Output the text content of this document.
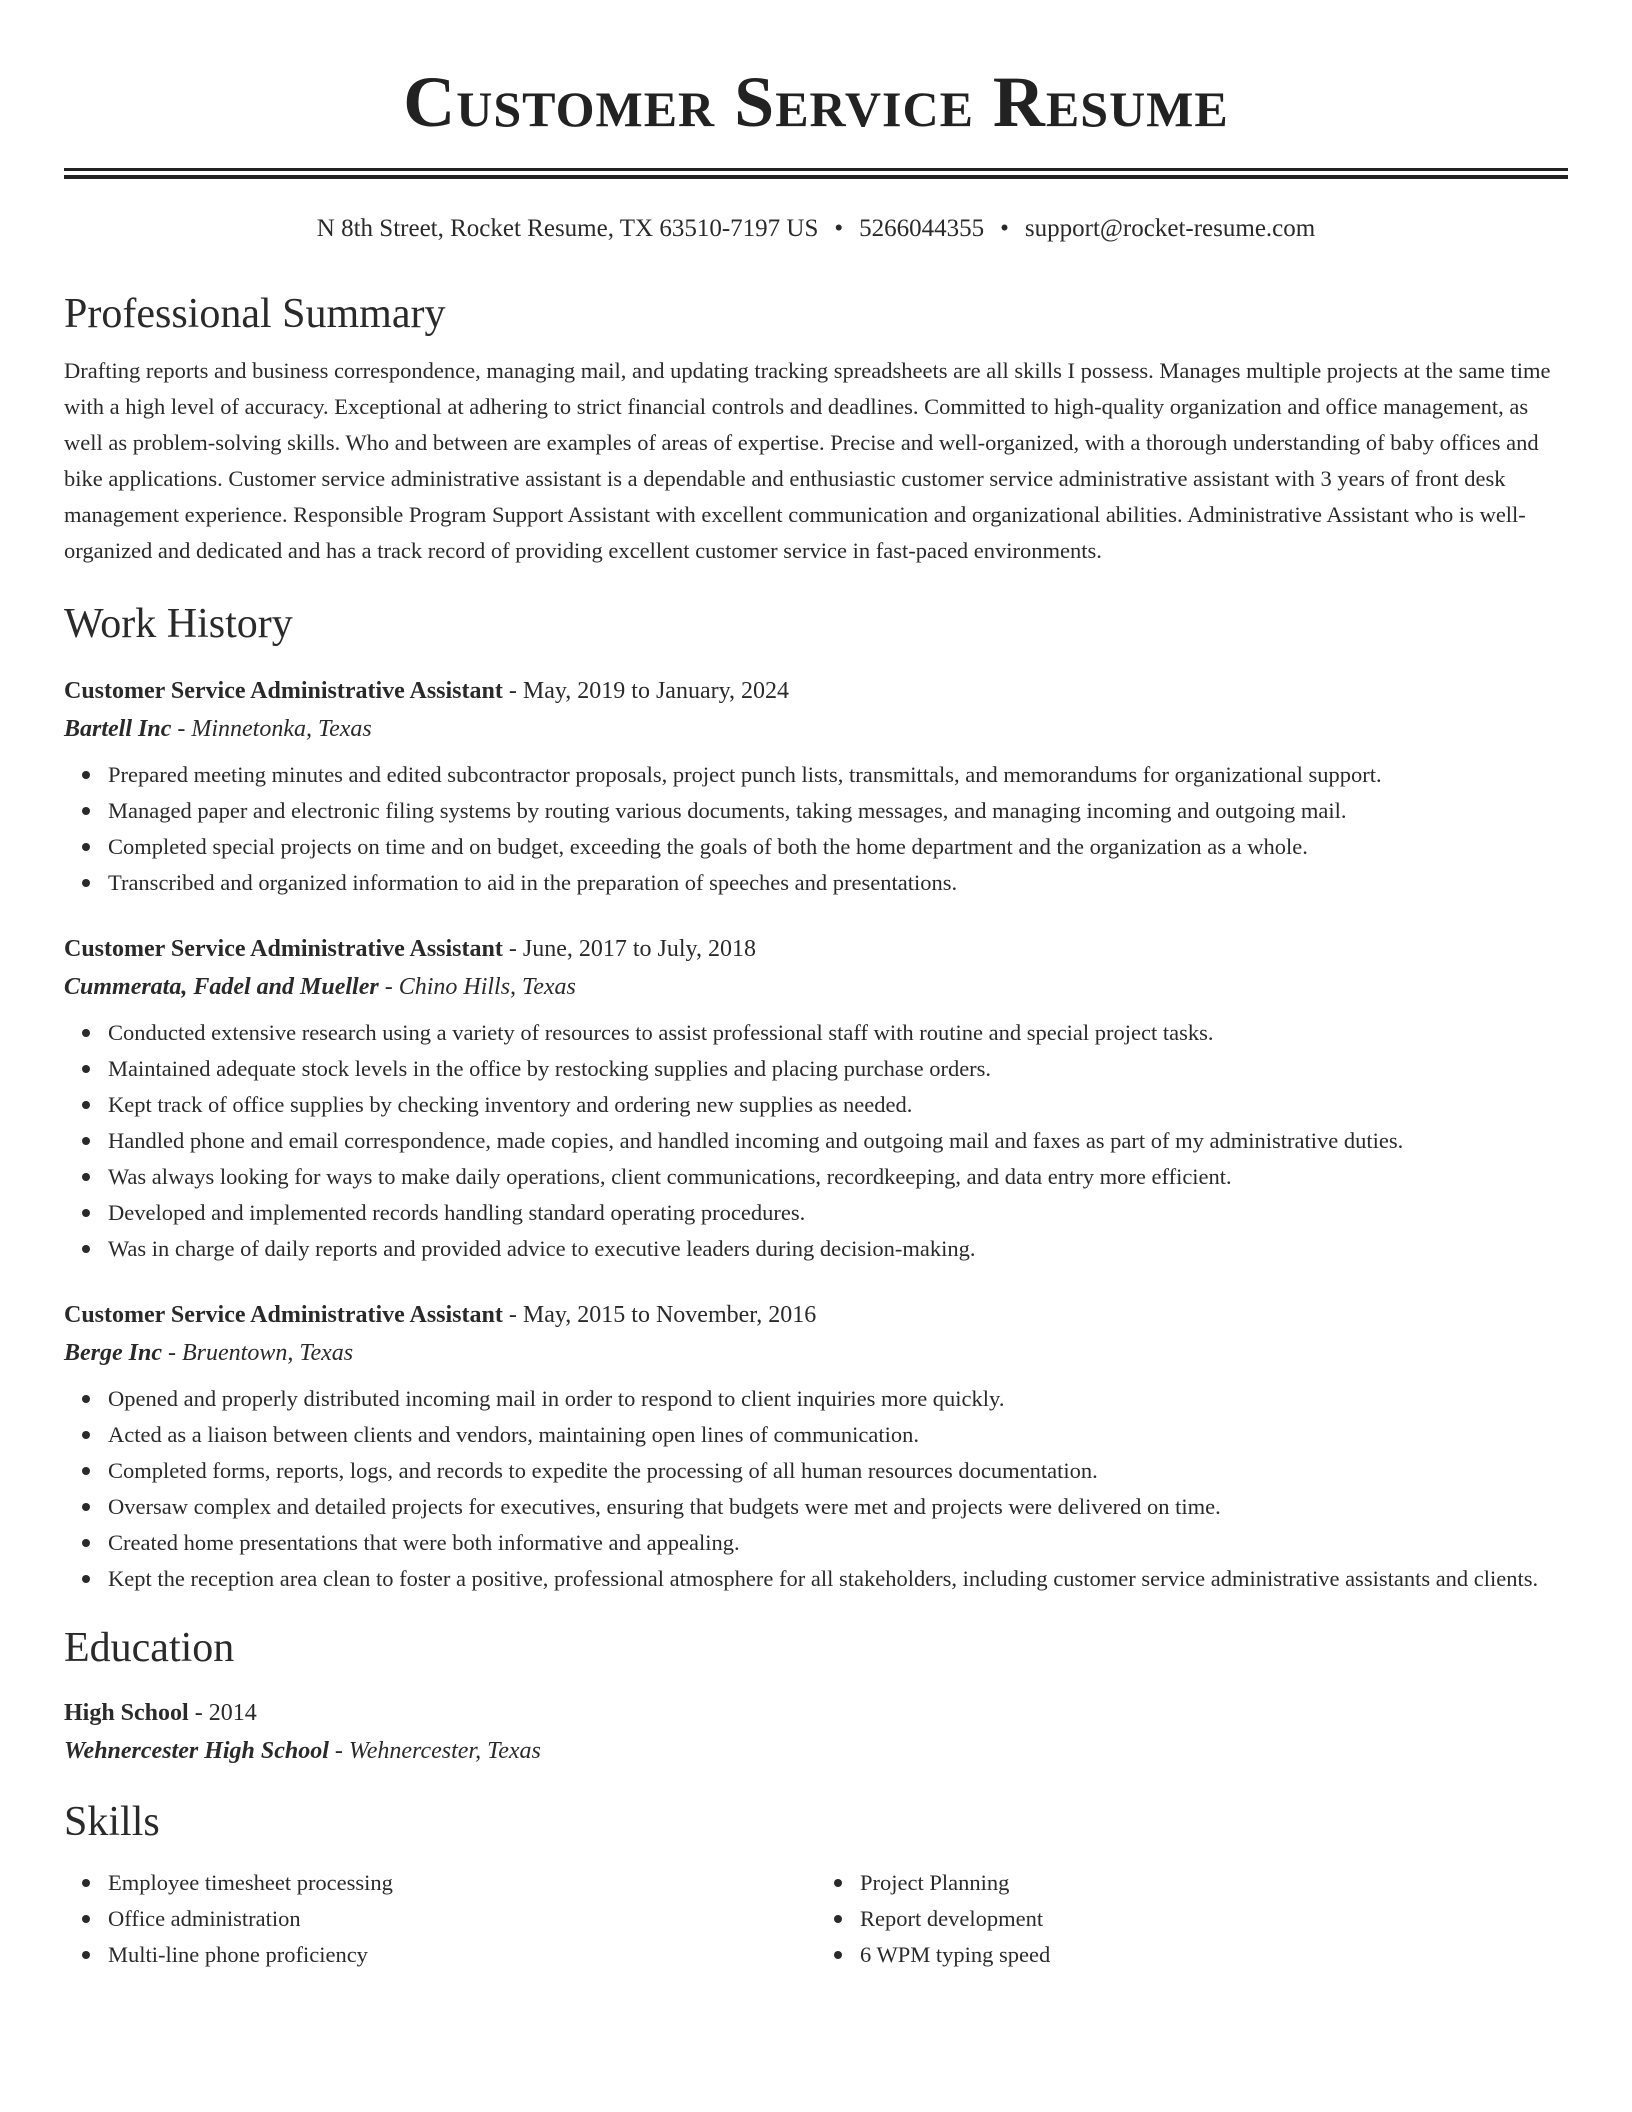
Customer Service Resume
N 8th Street, Rocket Resume, TX 63510-7197 US • 5266044355 • support@rocket-resume.com
Professional Summary

Drafting reports and business correspondence, managing mail, and updating tracking spreadsheets are all skills I possess. Manages multiple projects at the same time with a high level of accuracy. Exceptional at adhering to strict financial controls and deadlines. Committed to high-quality organization and office management, as well as problem-solving skills. Who and between are examples of areas of expertise. Precise and well-organized, with a thorough understanding of baby offices and bike applications. Customer service administrative assistant is a dependable and enthusiastic customer service administrative assistant with 3 years of front desk management experience. Responsible Program Support Assistant with excellent communication and organizational abilities. Administrative Assistant who is well-organized and dedicated and has a track record of providing excellent customer service in fast-paced environments.

Work History
Customer Service Administrative Assistant - May, 2019 to January, 2024
Bartell Inc - Minnetonka, Texas
Prepared meeting minutes and edited subcontractor proposals, project punch lists, transmittals, and memorandums for organizational support.
Managed paper and electronic filing systems by routing various documents, taking messages, and managing incoming and outgoing mail.
Completed special projects on time and on budget, exceeding the goals of both the home department and the organization as a whole.
Transcribed and organized information to aid in the preparation of speeches and presentations.
Customer Service Administrative Assistant - June, 2017 to July, 2018
Cummerata, Fadel and Mueller - Chino Hills, Texas
Conducted extensive research using a variety of resources to assist professional staff with routine and special project tasks.
Maintained adequate stock levels in the office by restocking supplies and placing purchase orders.
Kept track of office supplies by checking inventory and ordering new supplies as needed.
Handled phone and email correspondence, made copies, and handled incoming and outgoing mail and faxes as part of my administrative duties.
Was always looking for ways to make daily operations, client communications, recordkeeping, and data entry more efficient.
Developed and implemented records handling standard operating procedures.
Was in charge of daily reports and provided advice to executive leaders during decision-making.
Customer Service Administrative Assistant - May, 2015 to November, 2016
Berge Inc - Bruentown, Texas
Opened and properly distributed incoming mail in order to respond to client inquiries more quickly.
Acted as a liaison between clients and vendors, maintaining open lines of communication.
Completed forms, reports, logs, and records to expedite the processing of all human resources documentation.
Oversaw complex and detailed projects for executives, ensuring that budgets were met and projects were delivered on time.
Created home presentations that were both informative and appealing.
Kept the reception area clean to foster a positive, professional atmosphere for all stakeholders, including customer service administrative assistants and clients.
Education
High School - 2014
Wehnercester High School - Wehnercester, Texas
Skills
Employee timesheet processing
Office administration
Multi-line phone proficiency
Project Planning
Report development
6 WPM typing speed
